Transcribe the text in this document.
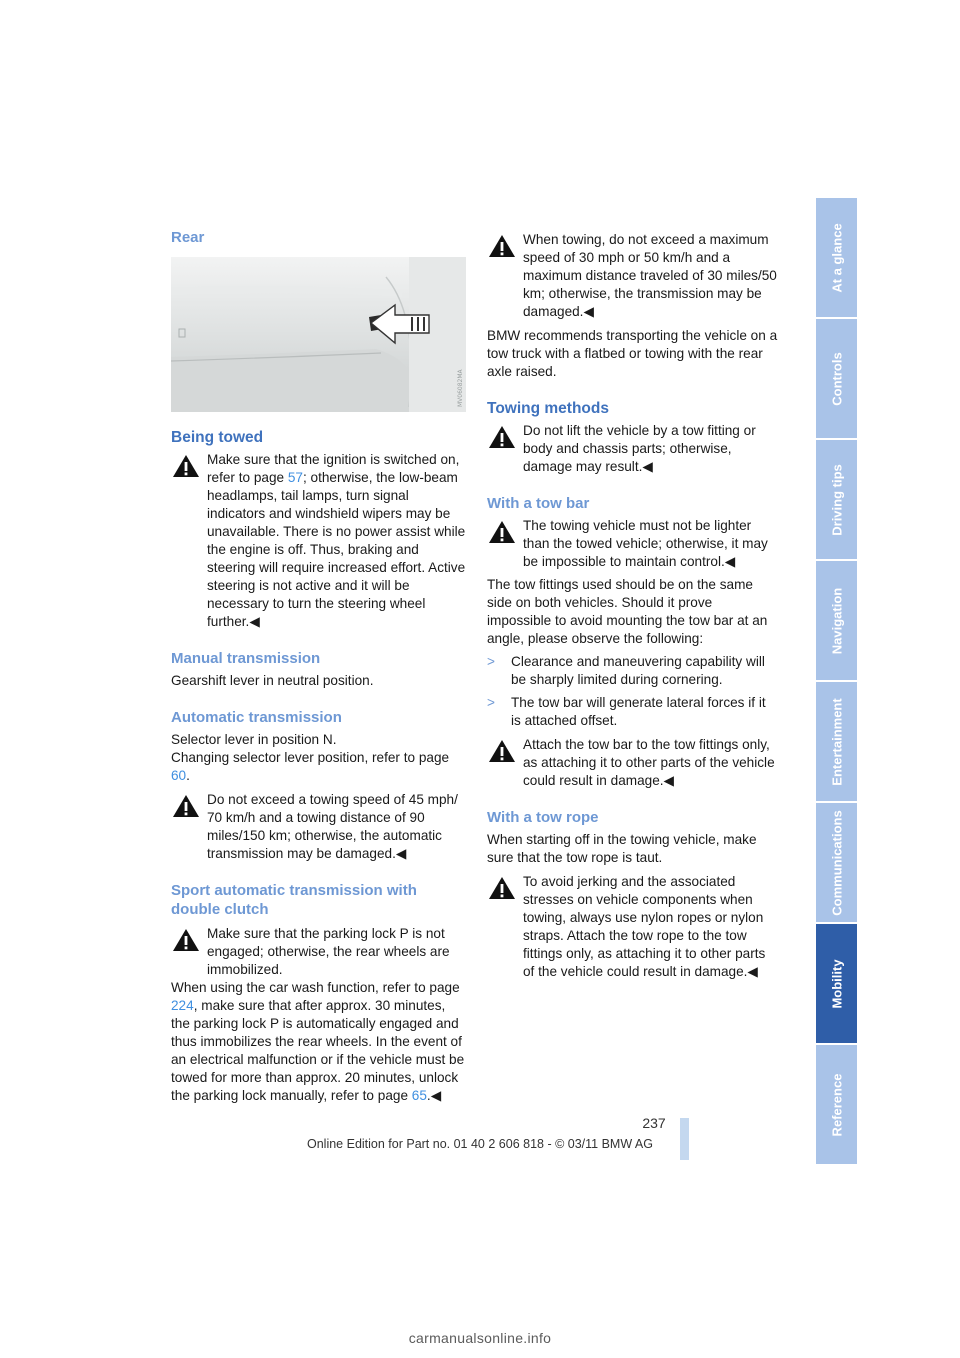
Rear
MV06082MA
Being towed
Make sure that the ignition is switched on, refer to page 57; otherwise, the low-beam headlamps, tail lamps, turn signal indicators and windshield wipers may be unavailable. There is no power assist while the engine is off. Thus, braking and steering will require increased effort. Active steering is not active and it will be necessary to turn the steering wheel further.◀
Manual transmission

Gearshift lever in neutral position.

Automatic transmission

Selector lever in position N.

Changing selector lever position, refer to page 60.

Do not exceed a towing speed of 45 mph/ 70 km/h and a towing distance of 90 miles/150 km; otherwise, the automatic transmission may be damaged.◀
Sport automatic transmission with double clutch
Make sure that the parking lock P is not engaged; otherwise, the rear wheels are immobilized.

When using the car wash function, refer to page 224, make sure that after approx. 30 minutes, the parking lock P is automatically engaged and thus immobilizes the rear wheels. In the event of an electrical malfunction or if the vehicle must be towed for more than approx. 20 minutes, unlock the parking lock manually, refer to page 65.◀

When towing, do not exceed a maximum speed of 30 mph or 50 km/h and a maximum distance traveled of 30 miles/50 km; otherwise, the transmission may be damaged.◀

BMW recommends transporting the vehicle on a tow truck with a flatbed or towing with the rear axle raised.

Towing methods
Do not lift the vehicle by a tow fitting or body and chassis parts; otherwise, damage may result.◀
With a tow bar
The towing vehicle must not be lighter than the towed vehicle; otherwise, it may be impossible to maintain control.◀

The tow fittings used should be on the same side on both vehicles. Should it prove impossible to avoid mounting the tow bar at an angle, please observe the following:

> Clearance and maneuvering capability will be sharply limited during cornering.
> The tow bar will generate lateral forces if it is attached offset.
Attach the tow bar to the tow fittings only, as attaching it to other parts of the vehicle could result in damage.◀
With a tow rope

When starting off in the towing vehicle, make sure that the tow rope is taut.

To avoid jerking and the associated stresses on vehicle components when towing, always use nylon ropes or nylon straps. Attach the tow rope to the tow fittings only, as attaching it to other parts of the vehicle could result in damage.◀
At a glance
Controls
Driving tips
Navigation
Entertainment
Communications
Mobility
Reference
237
Online Edition for Part no. 01 40 2 606 818 - © 03/11 BMW AG
carmanualsonline.info
